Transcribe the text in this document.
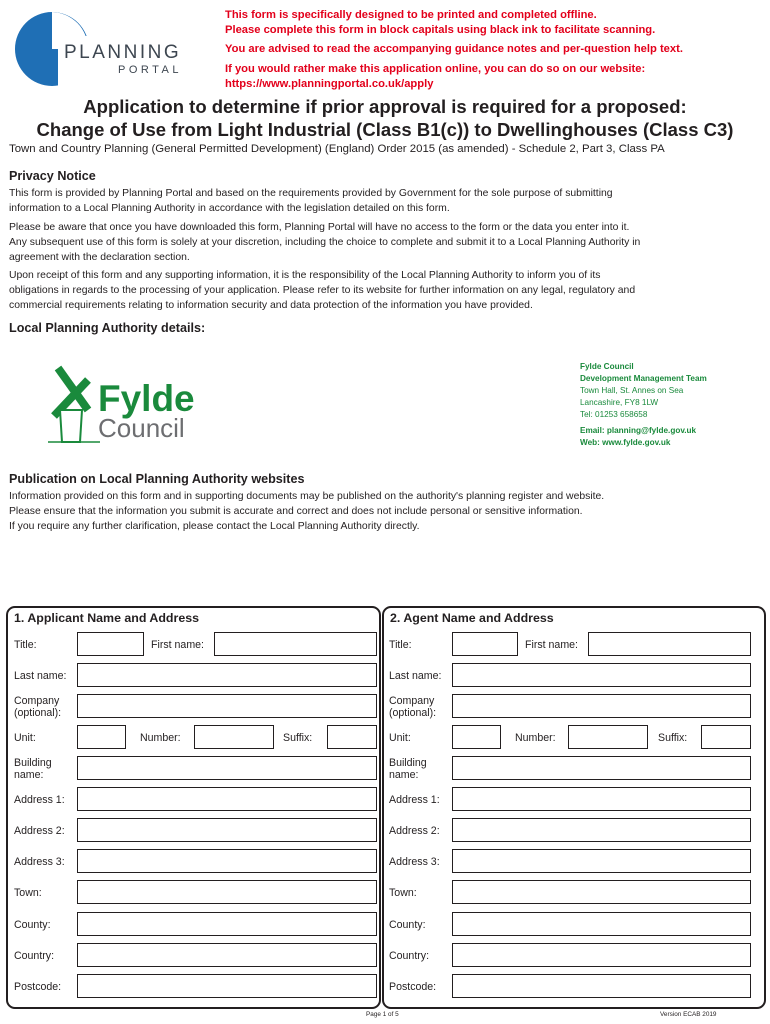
PLANNING
PORTAL
This form is specifically designed to be printed and completed offline.
Please complete this form in block capitals using black ink to facilitate scanning.
You are advised to read the accompanying guidance notes and per-question help text.
If you would rather make this application online, you can do so on our website:
https://www.planningportal.co.uk/apply
Application to determine if prior approval is required for a proposed:
Change of Use from Light Industrial (Class B1(c)) to Dwellinghouses (Class C3)
Town and Country Planning (General Permitted Development) (England) Order 2015 (as amended) - Schedule 2, Part 3, Class PA
Privacy Notice

This form is provided by Planning Portal and based on the requirements provided by Government for the sole purpose of submitting

information to a Local Planning Authority in accordance with the legislation detailed on this form.

Please be aware that once you have downloaded this form, Planning Portal will have no access to the form or the data you enter into it.

Any subsequent use of this form is solely at your discretion, including the choice to complete and submit it to a Local Planning Authority in

agreement with the declaration section.

Upon receipt of this form and any supporting information, it is the responsibility of the Local Planning Authority to inform you of its

obligations in regards to the processing of your application. Please refer to its website for further information on any legal, regulatory and

commercial requirements relating to information security and data protection of the information you have provided.

Local Planning Authority details:
Fylde
Council
Fylde Council
Development Management Team
Town Hall, St. Annes on Sea
Lancashire, FY8 1LW
Tel: 01253 658658
Email: planning@fylde.gov.uk
Web: www.fylde.gov.uk
Publication on Local Planning Authority websites

Information provided on this form and in supporting documents may be published on the authority's planning register and website.

Please ensure that the information you submit is accurate and correct and does not include personal or sensitive information.

If you require any further clarification, please contact the Local Planning Authority directly.

1. Applicant Name and Address
Title:	First name:
Last name:
Company
(optional):
Unit:	Number:	Suffix:
Building
name:
Address 1:
Address 2:
Address 3:
Town:
County:
Country:
Postcode:
2. Agent Name and Address
Title:	First name:
Last name:
Company
(optional):
Unit:	Number:	Suffix:
Building
name:
Address 1:
Address 2:
Address 3:
Town:
County:
Country:
Postcode:
Page 1 of 5	Version ECAB 2019
